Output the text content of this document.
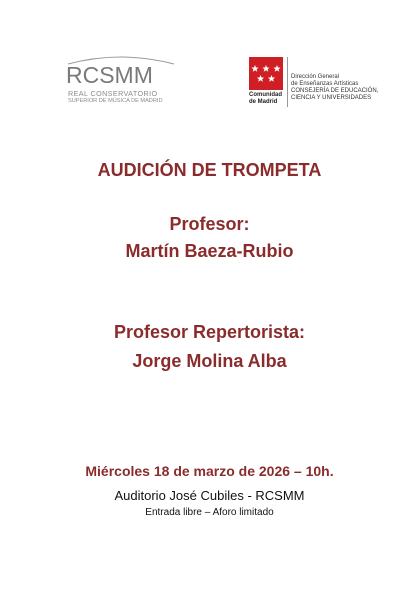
RCSMM
REAL CONSERVATORIO
SUPERIOR DE MÚSICA DE MADRID
Comunidad
de Madrid
Dirección General
de Enseñanzas Artísticas
CONSEJERÍA DE EDUCACIÓN,
CIENCIA Y UNIVERSIDADES
AUDICIÓN DE TROMPETA
Profesor:
Martín Baeza-Rubio
Profesor Repertorista:
Jorge Molina Alba
Miércoles 18 de marzo de 2026 – 10h.
Auditorio José Cubiles - RCSMM
Entrada libre – Aforo limitado
